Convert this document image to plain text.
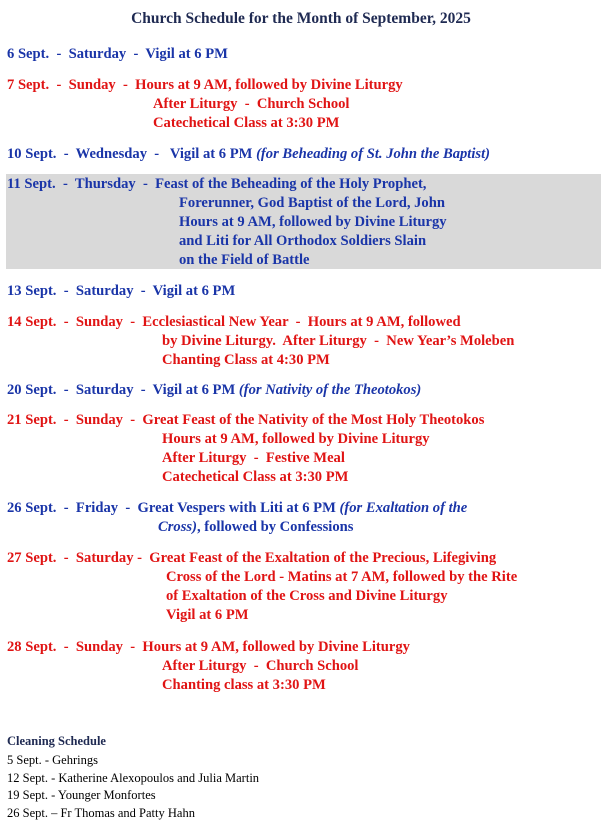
Church Schedule for the Month of September, 2025
6 Sept.  -  Saturday  -  Vigil at 6 PM
7 Sept.  -  Sunday  -  Hours at 9 AM, followed by Divine Liturgy
After Liturgy  -  Church School
Catechetical Class at 3:30 PM
10 Sept.  -  Wednesday  -   Vigil at 6 PM (for Beheading of St. John the Baptist)
11 Sept.  -  Thursday  -  Feast of the Beheading of the Holy Prophet,
Forerunner, God Baptist of the Lord, John
Hours at 9 AM, followed by Divine Liturgy
and Liti for All Orthodox Soldiers Slain
on the Field of Battle
13 Sept.  -  Saturday  -  Vigil at 6 PM
14 Sept.  -  Sunday  -  Ecclesiastical New Year  -  Hours at 9 AM, followed
by Divine Liturgy.  After Liturgy  -  New Year’s Moleben
Chanting Class at 4:30 PM
20 Sept.  -  Saturday  -  Vigil at 6 PM (for Nativity of the Theotokos)
21 Sept.  -  Sunday  -  Great Feast of the Nativity of the Most Holy Theotokos
Hours at 9 AM, followed by Divine Liturgy
After Liturgy  -  Festive Meal
Catechetical Class at 3:30 PM
26 Sept.  -  Friday  -  Great Vespers with Liti at 6 PM (for Exaltation of the
Cross), followed by Confessions
27 Sept.  -  Saturday -  Great Feast of the Exaltation of the Precious, Lifegiving
Cross of the Lord - Matins at 7 AM, followed by the Rite
of Exaltation of the Cross and Divine Liturgy
Vigil at 6 PM
28 Sept.  -  Sunday  -  Hours at 9 AM, followed by Divine Liturgy
After Liturgy  -  Church School
Chanting class at 3:30 PM
Cleaning Schedule
5 Sept. - Gehrings
12 Sept. - Katherine Alexopoulos and Julia Martin
19 Sept. - Younger Monfortes
26 Sept. – Fr Thomas and Patty Hahn
